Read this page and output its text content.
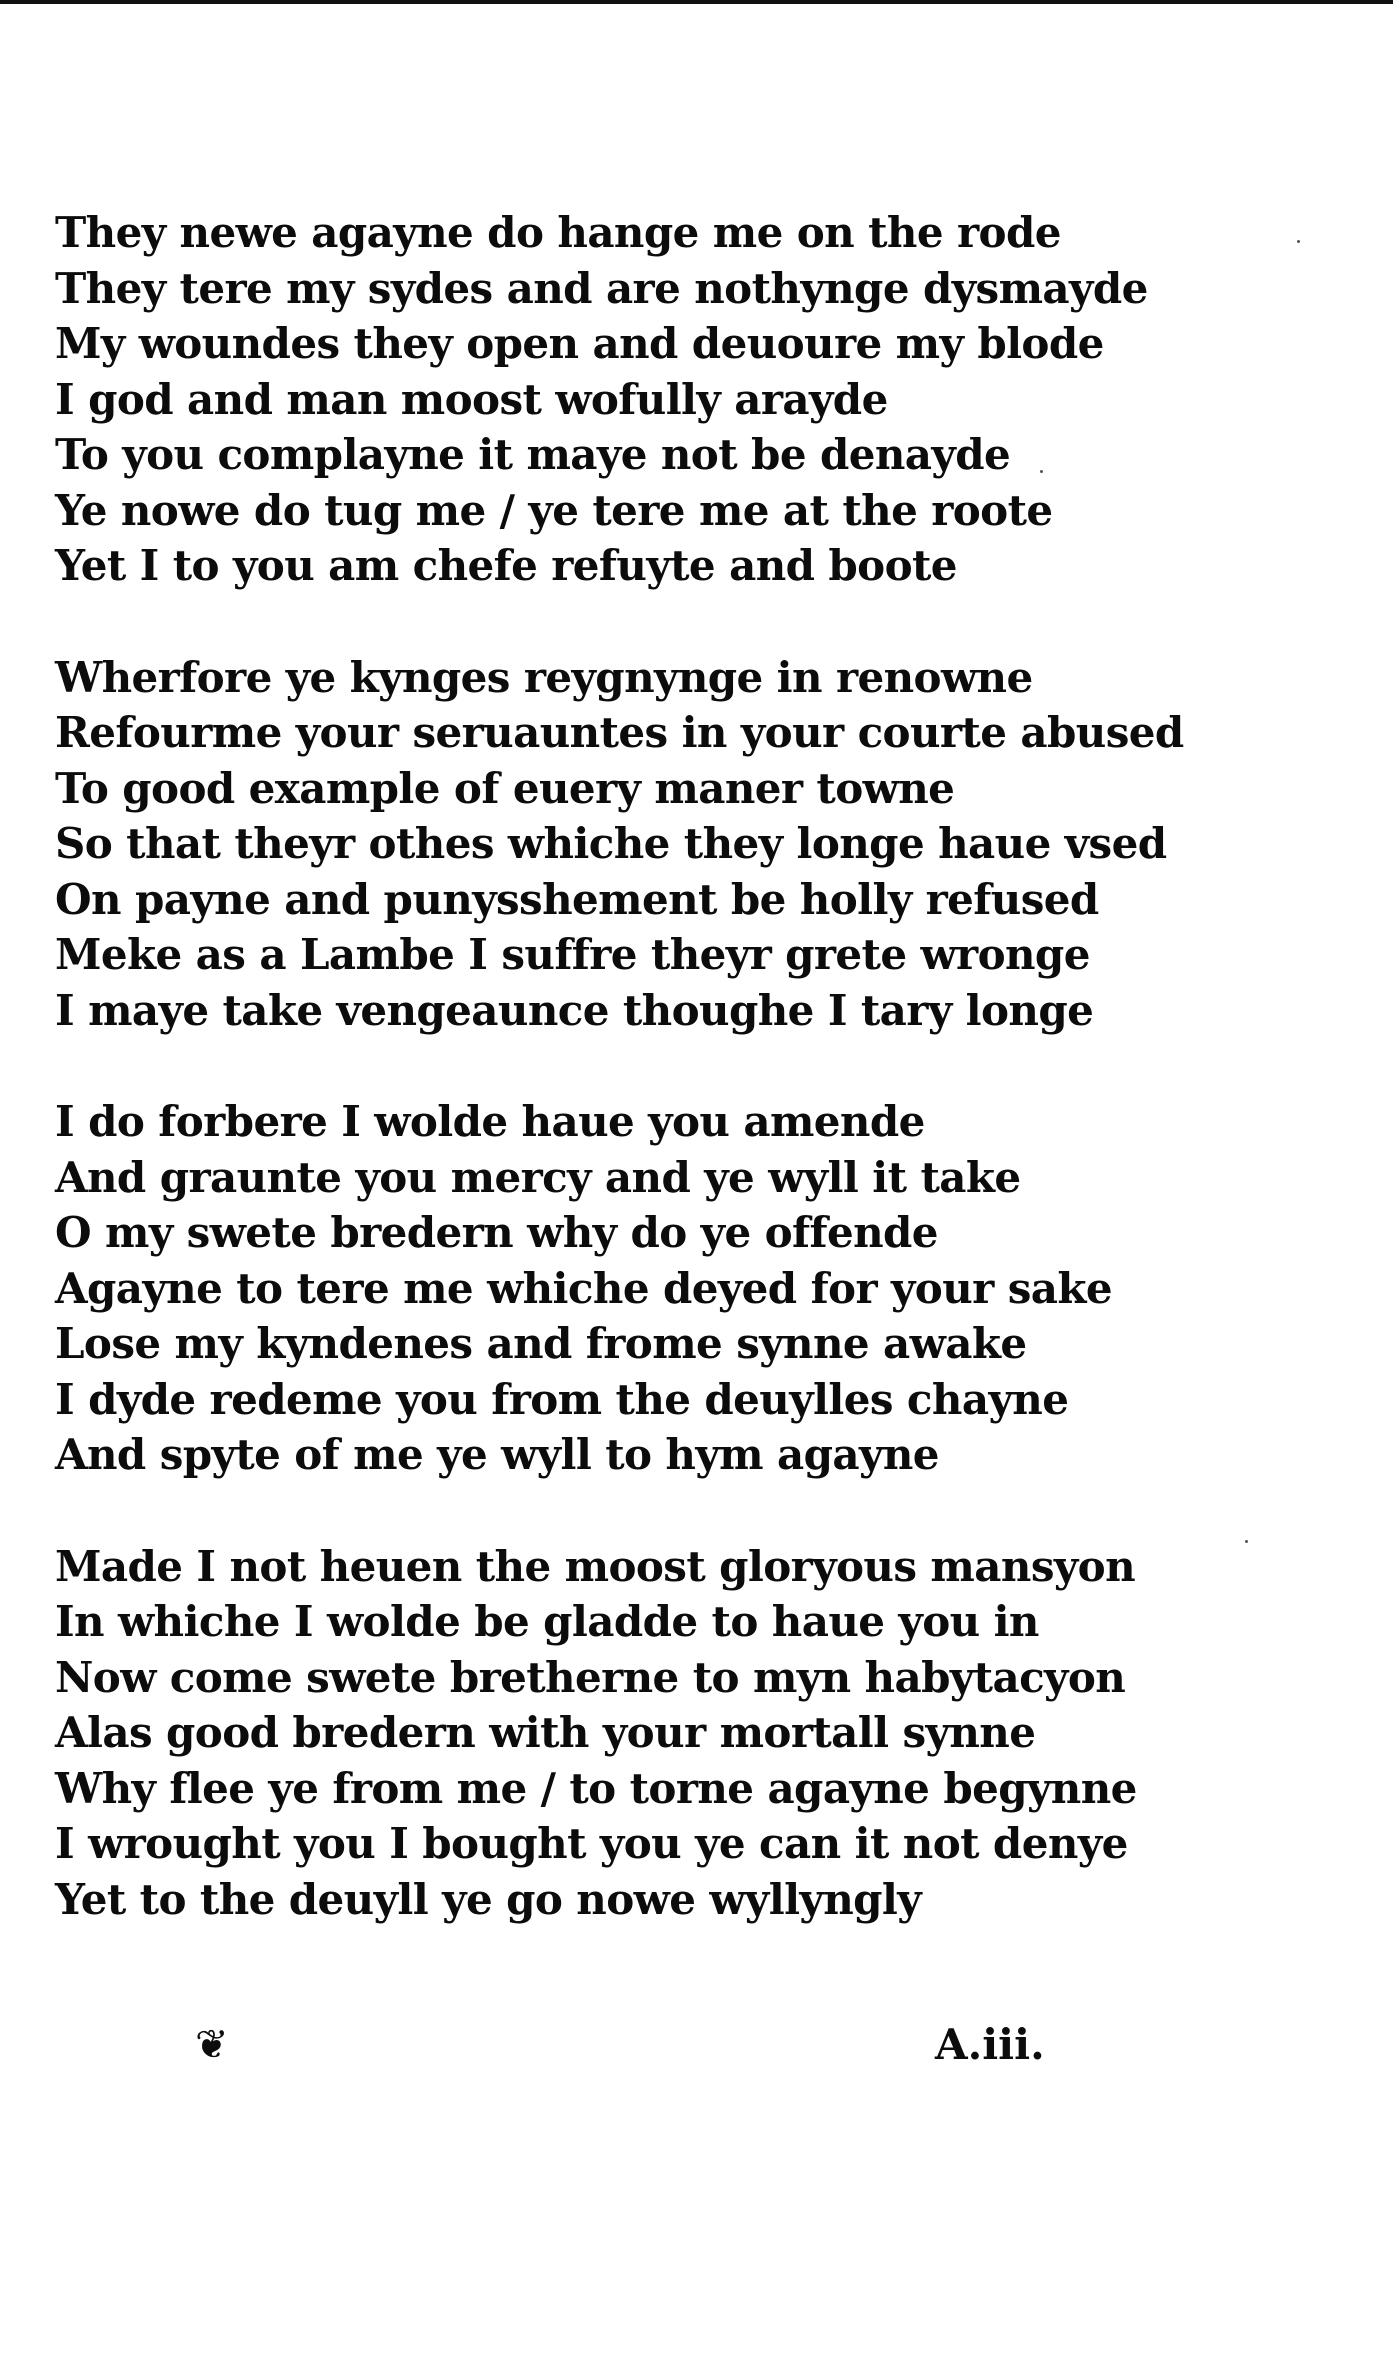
They newe agayne do hange me on the rode
They tere my sydes and are nothynge dysmayde
My woundes they open and deuoure my blode
I god and man moost wofully arayde
To you complayne it maye not be denayde
Ye nowe do tug me / ye tere me at the roote
Yet I to you am chefe refuyte and boote
Wherfore ye kynges reygnynge in renowne
Refourme your seruauntes in your courte abused
To good example of euery maner towne
So that theyr othes whiche they longe haue vsed
On payne and punysshement be holly refused
Meke as a Lambe I suffre theyr grete wronge
I maye take vengeaunce thoughe I tary longe
I do forbere I wolde haue you amende
And graunte you mercy and ye wyll it take
O my swete bredern why do ye offende
Agayne to tere me whiche deyed for your sake
Lose my kyndenes and frome synne awake
I dyde redeme you from the deuylles chayne
And spyte of me ye wyll to hym agayne
Made I not heuen the moost gloryous mansyon
In whiche I wolde be gladde to haue you in
Now come swete bretherne to myn habytacyon
Alas good bredern with your mortall synne
Why flee ye from me / to torne agayne begynne
I wrought you I bought you ye can it not denye
Yet to the deuyll ye go nowe wyllyngly
❦	A.iii.
